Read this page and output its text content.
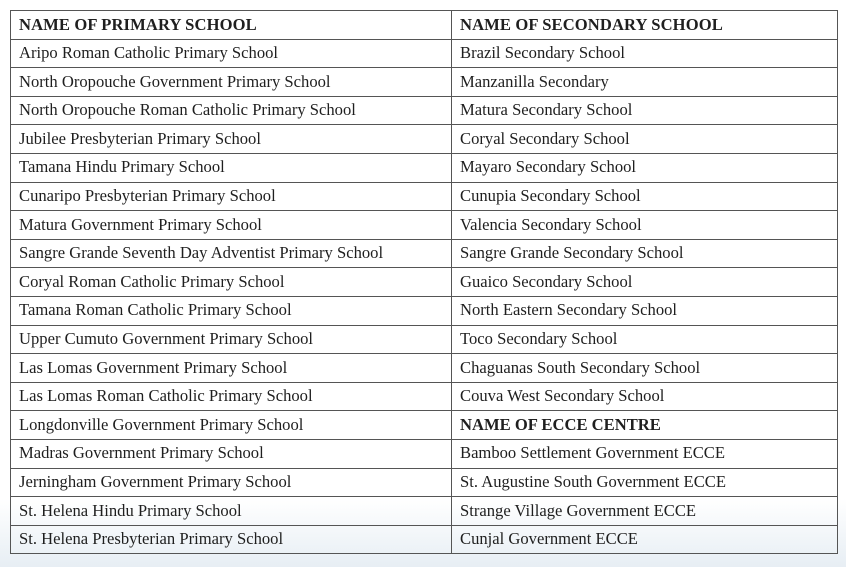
NAME OF PRIMARY SCHOOL	NAME OF SECONDARY SCHOOL
Aripo Roman Catholic Primary School	Brazil Secondary School
North Oropouche Government Primary School	Manzanilla Secondary
North Oropouche Roman Catholic Primary School	Matura Secondary School
Jubilee Presbyterian Primary School	Coryal Secondary School
Tamana Hindu Primary School	Mayaro Secondary School
Cunaripo Presbyterian Primary School	Cunupia Secondary School
Matura Government Primary School	Valencia Secondary School
Sangre Grande Seventh Day Adventist Primary School	Sangre Grande Secondary School
Coryal Roman Catholic Primary School	Guaico Secondary School
Tamana Roman Catholic Primary School	North Eastern Secondary School
Upper Cumuto Government Primary School	Toco Secondary School
Las Lomas Government Primary School	Chaguanas South Secondary School
Las Lomas Roman Catholic Primary School	Couva West Secondary School
Longdonville Government Primary School	NAME OF ECCE CENTRE
Madras Government Primary School	Bamboo Settlement Government ECCE
Jerningham Government Primary School	St. Augustine South Government ECCE
St. Helena Hindu Primary School	Strange Village Government ECCE
St. Helena Presbyterian Primary School	Cunjal Government ECCE
